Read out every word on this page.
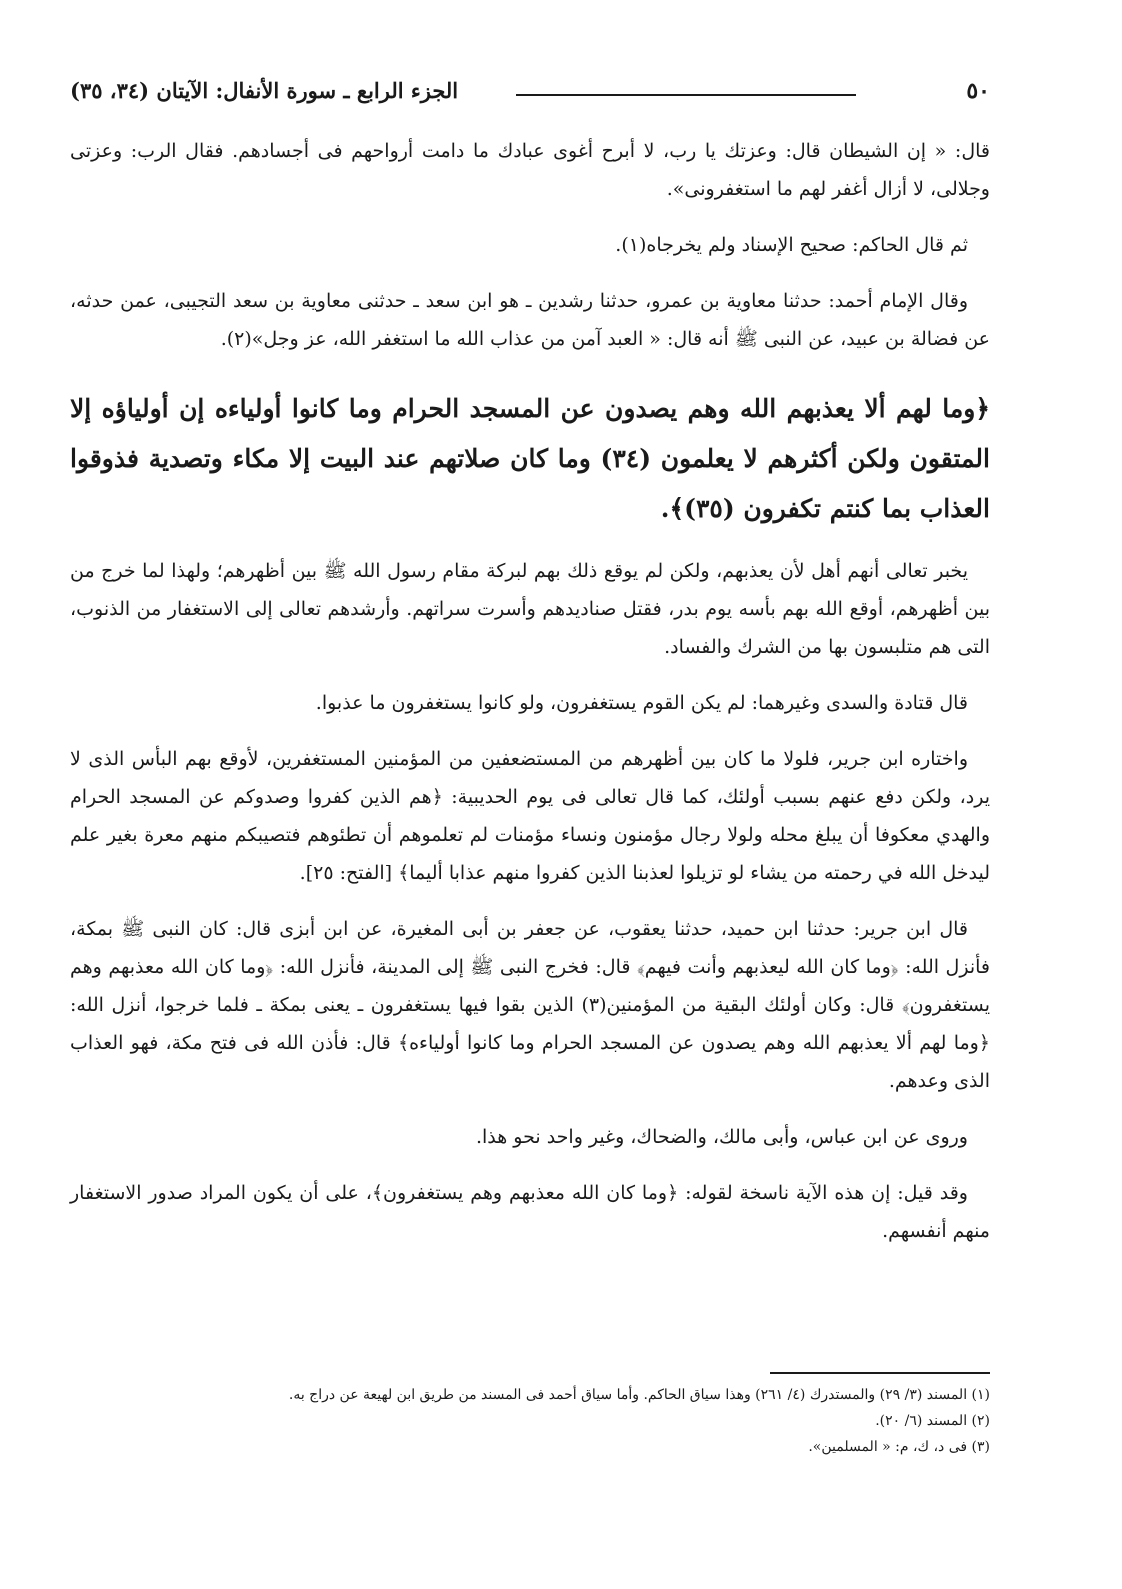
الجزء الرابع ـ سورة الأنفال: الآيتان (٣٤، ٣٥)	٥٠

قال: « إن الشيطان قال: وعزتك يا رب، لا أبرح أغوى عبادك ما دامت أرواحهم فى أجسادهم. فقال الرب: وعزتى وجلالى، لا أزال أغفر لهم ما استغفرونى».

ثم قال الحاكم: صحيح الإسناد ولم يخرجاه(١).

وقال الإمام أحمد: حدثنا معاوية بن عمرو، حدثنا رشدين ـ هو ابن سعد ـ حدثنى معاوية بن سعد التجيبى، عمن حدثه، عن فضالة بن عبيد، عن النبى ﷺ أنه قال: « العبد آمن من عذاب الله ما استغفر الله، عز وجل»(٢).

﴿وما لهم ألا يعذبهم الله وهم يصدون عن المسجد الحرام وما كانوا أولياءه إن أولياؤه إلا المتقون ولكن أكثرهم لا يعلمون (٣٤) وما كان صلاتهم عند البيت إلا مكاء وتصدية فذوقوا العذاب بما كنتم تكفرون (٣٥)﴾.

يخبر تعالى أنهم أهل لأن يعذبهم، ولكن لم يوقع ذلك بهم لبركة مقام رسول الله ﷺ بين أظهرهم؛ ولهذا لما خرج من بين أظهرهم، أوقع الله بهم بأسه يوم بدر، فقتل صناديدهم وأسرت سراتهم. وأرشدهم تعالى إلى الاستغفار من الذنوب، التى هم متلبسون بها من الشرك والفساد.

قال قتادة والسدى وغيرهما: لم يكن القوم يستغفرون، ولو كانوا يستغفرون ما عذبوا.

واختاره ابن جرير، فلولا ما كان بين أظهرهم من المستضعفين من المؤمنين المستغفرين، لأوقع بهم البأس الذى لا يرد، ولكن دفع عنهم بسبب أولئك، كما قال تعالى فى يوم الحديبية: ﴿هم الذين كفروا وصدوكم عن المسجد الحرام والهدي معكوفا أن يبلغ محله ولولا رجال مؤمنون ونساء مؤمنات لم تعلموهم أن تطئوهم فتصيبكم منهم معرة بغير علم ليدخل الله في رحمته من يشاء لو تزيلوا لعذبنا الذين كفروا منهم عذابا أليما﴾ [الفتح: ٢٥].

قال ابن جرير: حدثنا ابن حميد، حدثنا يعقوب، عن جعفر بن أبى المغيرة، عن ابن أبزى قال: كان النبى ﷺ بمكة، فأنزل الله: ﴿وما كان الله ليعذبهم وأنت فيهم﴾ قال: فخرج النبى ﷺ إلى المدينة، فأنزل الله: ﴿وما كان الله معذبهم وهم يستغفرون﴾ قال: وكان أولئك البقية من المؤمنين(٣) الذين بقوا فيها يستغفرون ـ يعنى بمكة ـ فلما خرجوا، أنزل الله: ﴿وما لهم ألا يعذبهم الله وهم يصدون عن المسجد الحرام وما كانوا أولياءه﴾ قال: فأذن الله فى فتح مكة، فهو العذاب الذى وعدهم.

وروى عن ابن عباس، وأبى مالك، والضحاك، وغير واحد نحو هذا.

وقد قيل: إن هذه الآية ناسخة لقوله: ﴿وما كان الله معذبهم وهم يستغفرون﴾، على أن يكون المراد صدور الاستغفار منهم أنفسهم.

(١) المسند (٣/ ٢٩) والمستدرك (٤/ ٢٦١) وهذا سياق الحاكم. وأما سياق أحمد فى المسند من طريق ابن لهيعة عن دراج به.

(٢) المسند (٦/ ٢٠).

(٣) فى د، ك، م: « المسلمين».
